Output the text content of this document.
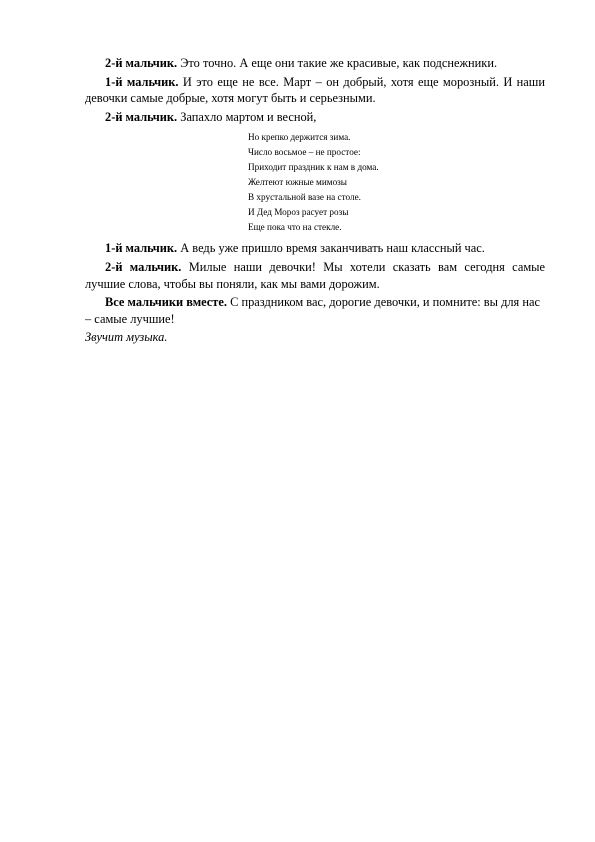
2-й мальчик. Это точно. А еще они такие же красивые, как подснежники.

1-й мальчик. И это еще не все. Март – он добрый, хотя еще морозный. И наши девочки самые добрые, хотя могут быть и серьезными.

2-й мальчик. Запахло мартом и весной,

Но крепко держится зима.
Число восьмое – не простое:
Приходит праздник к нам в дома.
Желтеют южные мимозы
В хрустальной вазе на столе.
И Дед Мороз расует розы
Еще пока что на стекле.

1-й мальчик. А ведь уже пришло время заканчивать наш классный час.

2-й мальчик. Милые наши девочки! Мы хотели сказать вам сегодня самые лучшие слова, чтобы вы поняли, как мы вами дорожим.

Все мальчики вместе. С праздником вас, дорогие девочки, и помните: вы для нас – самые лучшие!

Звучит музыка.
